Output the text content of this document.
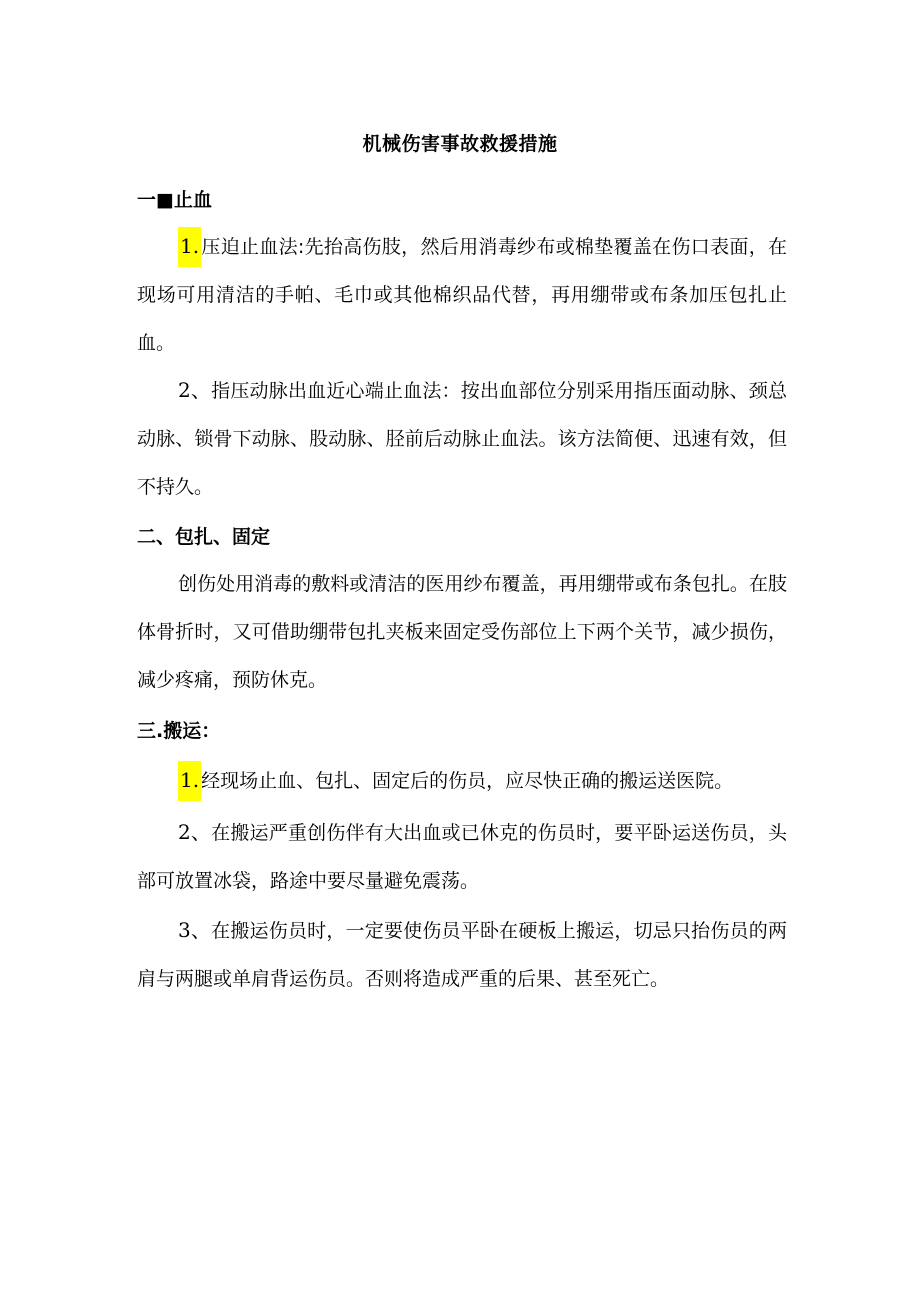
机械伤害事故救援措施
一■止血

1. 压迫止血法:先抬高伤肢，然后用消毒纱布或棉垫覆盖在伤口表面，在现场可用清洁的手帕、毛巾或其他棉织品代替，再用绷带或布条加压包扎止血。

2、指压动脉出血近心端止血法：按出血部位分别采用指压面动脉、颈总动脉、锁骨下动脉、股动脉、胫前后动脉止血法。该方法简便、迅速有效，但不持久。

二、包扎、固定

创伤处用消毒的敷料或清洁的医用纱布覆盖，再用绷带或布条包扎。在肢体骨折时，又可借助绷带包扎夹板来固定受伤部位上下两个关节，减少损伤，减少疼痛，预防休克。

三.搬运：

1. 经现场止血、包扎、固定后的伤员，应尽快正确的搬运送医院。

2、在搬运严重创伤伴有大出血或已休克的伤员时，要平卧运送伤员，头部可放置冰袋，路途中要尽量避免震荡。

3、在搬运伤员时，一定要使伤员平卧在硬板上搬运，切忌只抬伤员的两肩与两腿或单肩背运伤员。否则将造成严重的后果、甚至死亡。
